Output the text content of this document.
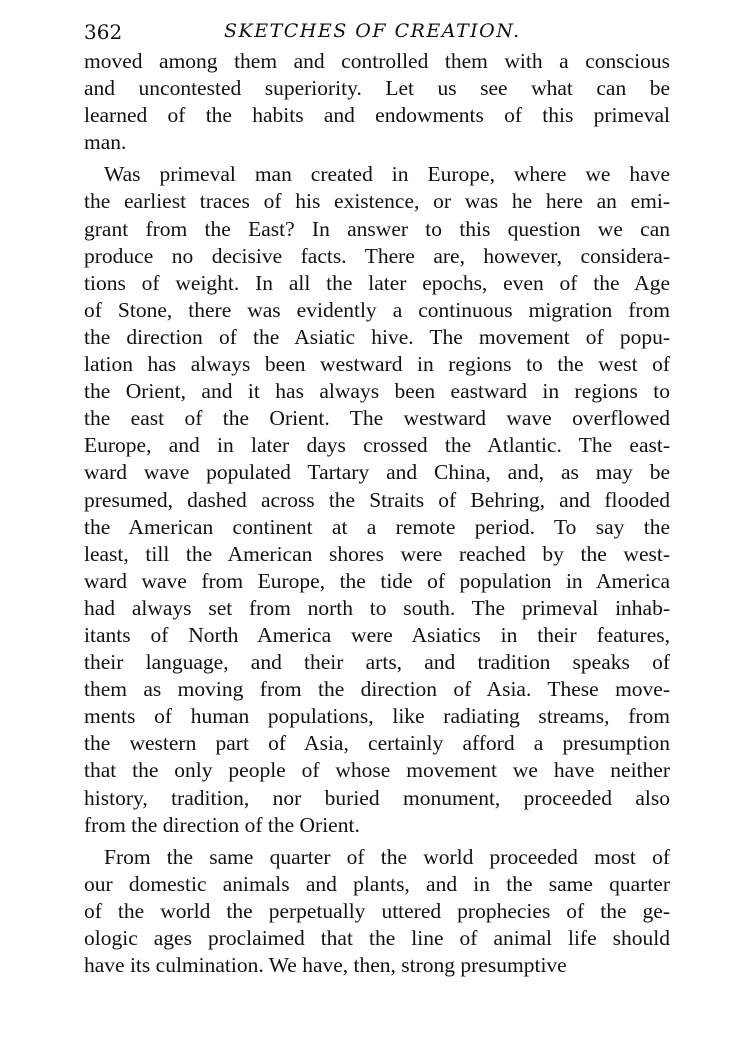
362	SKETCHES OF CREATION.
moved among them and controlled them with a conscious
and uncontested superiority. Let us see what can be
learned of the habits and endowments of this primeval
man.
Was primeval man created in Europe, where we have
the earliest traces of his existence, or was he here an emi-
grant from the East? In answer to this question we can
produce no decisive facts. There are, however, considera-
tions of weight. In all the later epochs, even of the Age
of Stone, there was evidently a continuous migration from
the direction of the Asiatic hive. The movement of popu-
lation has always been westward in regions to the west of
the Orient, and it has always been eastward in regions to
the east of the Orient. The westward wave overflowed
Europe, and in later days crossed the Atlantic. The east-
ward wave populated Tartary and China, and, as may be
presumed, dashed across the Straits of Behring, and flooded
the American continent at a remote period. To say the
least, till the American shores were reached by the west-
ward wave from Europe, the tide of population in America
had always set from north to south. The primeval inhab-
itants of North America were Asiatics in their features,
their language, and their arts, and tradition speaks of
them as moving from the direction of Asia. These move-
ments of human populations, like radiating streams, from
the western part of Asia, certainly afford a presumption
that the only people of whose movement we have neither
history, tradition, nor buried monument, proceeded also
from the direction of the Orient.
From the same quarter of the world proceeded most of
our domestic animals and plants, and in the same quarter
of the world the perpetually uttered prophecies of the ge-
ologic ages proclaimed that the line of animal life should
have its culmination. We have, then, strong presumptive
